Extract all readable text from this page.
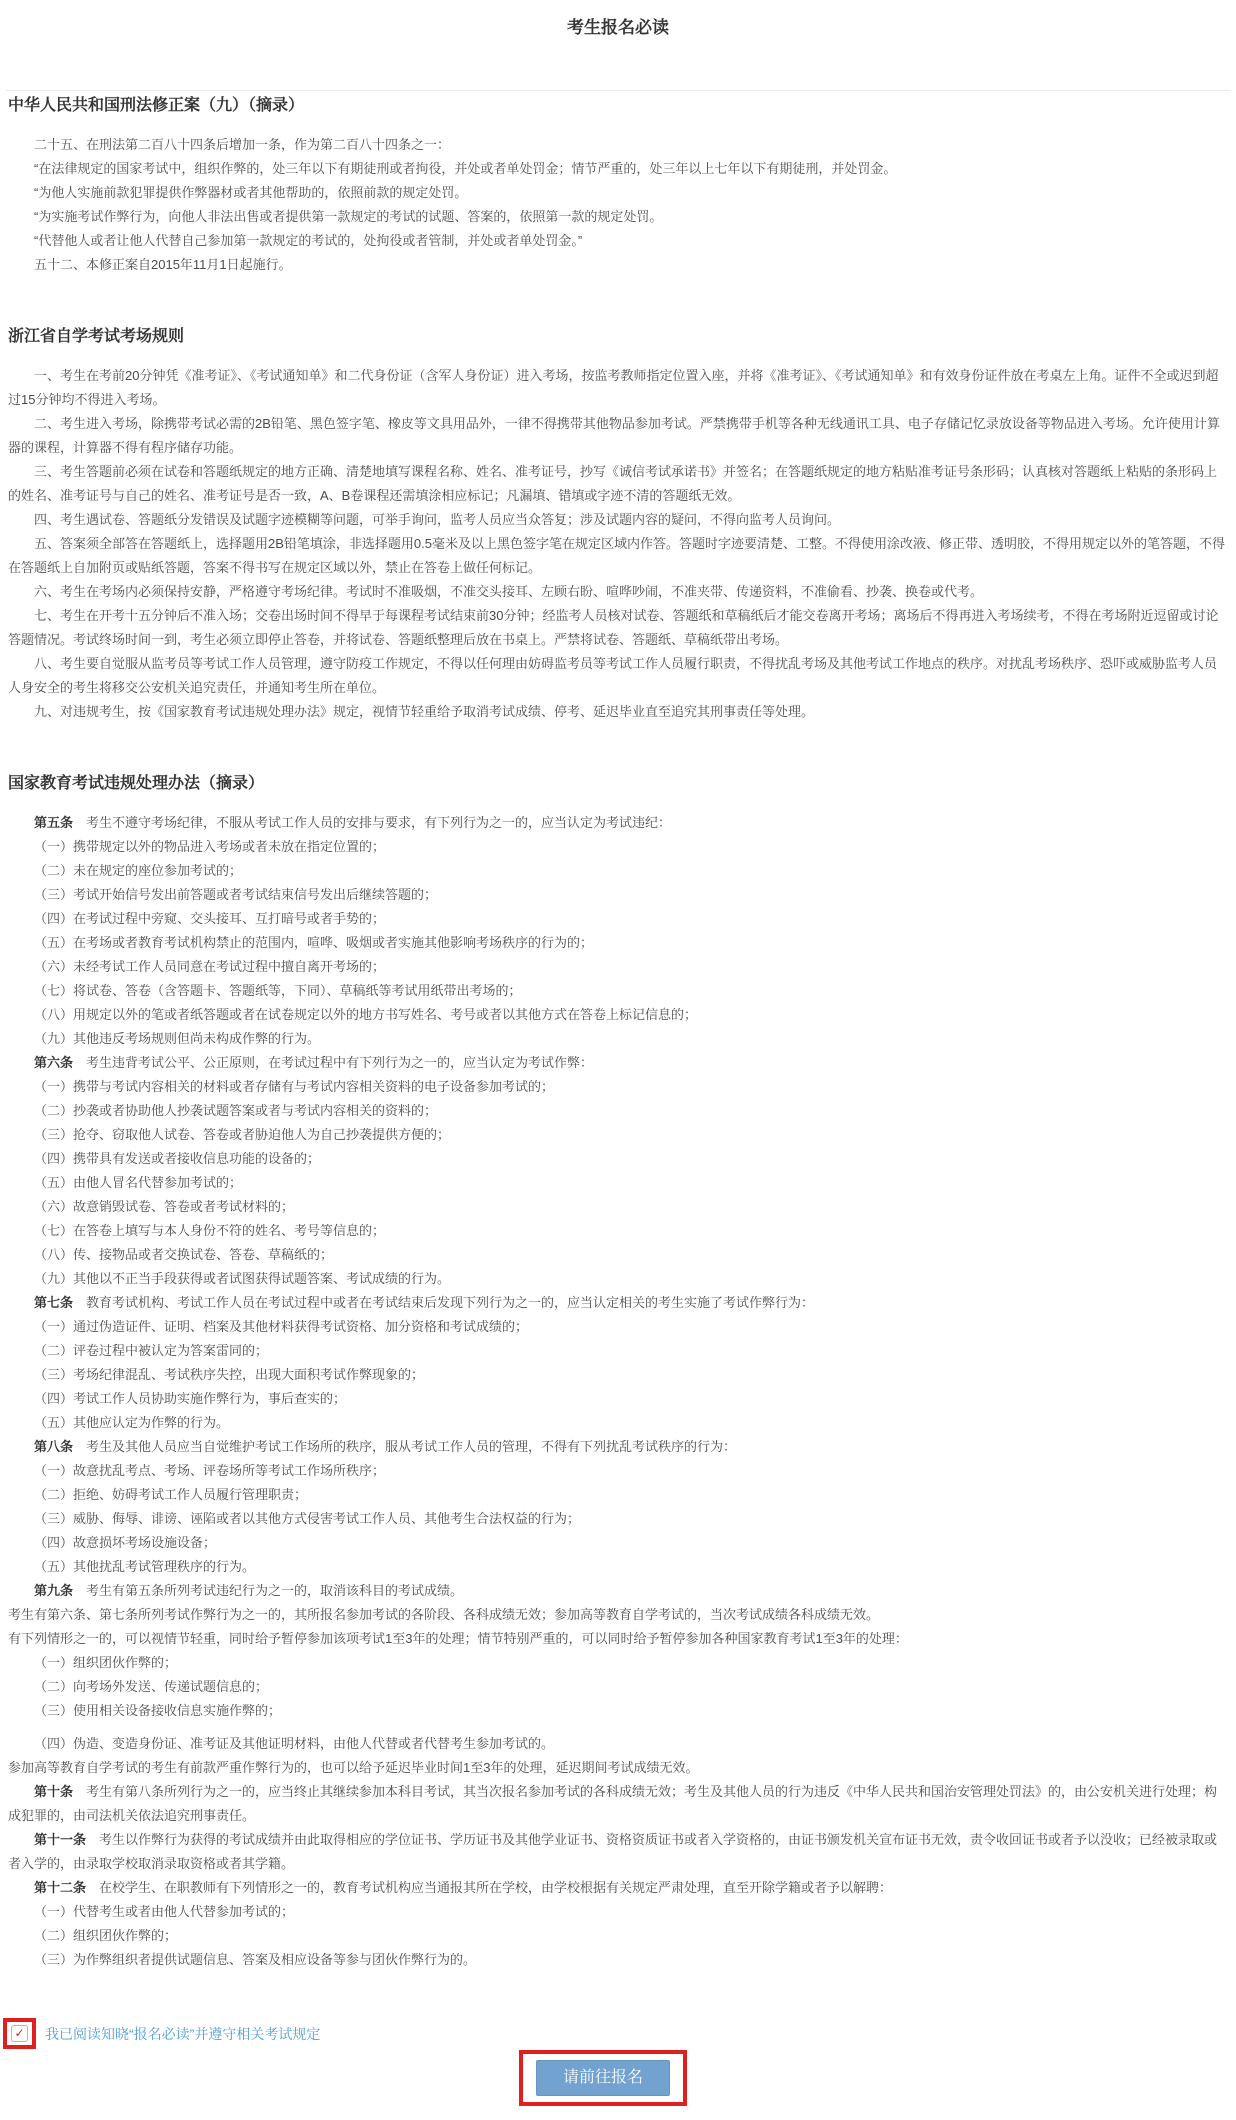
考生报名必读
中华人民共和国刑法修正案（九）（摘录）

二十五、在刑法第二百八十四条后增加一条，作为第二百八十四条之一：

“在法律规定的国家考试中，组织作弊的，处三年以下有期徒刑或者拘役，并处或者单处罚金；情节严重的，处三年以上七年以下有期徒刑，并处罚金。

“为他人实施前款犯罪提供作弊器材或者其他帮助的，依照前款的规定处罚。

“为实施考试作弊行为，向他人非法出售或者提供第一款规定的考试的试题、答案的，依照第一款的规定处罚。

“代替他人或者让他人代替自己参加第一款规定的考试的，处拘役或者管制，并处或者单处罚金。”

五十二、本修正案自2015年11月1日起施行。

浙江省自学考试考场规则

一、考生在考前20分钟凭《准考证》、《考试通知单》和二代身份证（含军人身份证）进入考场，按监考教师指定位置入座，并将《准考证》、《考试通知单》和有效身份证件放在考桌左上角。证件不全或迟到超过15分钟均不得进入考场。

二、考生进入考场，除携带考试必需的2B铅笔、黑色签字笔、橡皮等文具用品外，一律不得携带其他物品参加考试。严禁携带手机等各种无线通讯工具、电子存储记忆录放设备等物品进入考场。允许使用计算器的课程，计算器不得有程序储存功能。

三、考生答题前必须在试卷和答题纸规定的地方正确、清楚地填写课程名称、姓名、准考证号，抄写《诚信考试承诺书》并签名；在答题纸规定的地方粘贴准考证号条形码；认真核对答题纸上粘贴的条形码上的姓名、准考证号与自己的姓名、准考证号是否一致，A、B卷课程还需填涂相应标记；凡漏填、错填或字迹不清的答题纸无效。

四、考生遇试卷、答题纸分发错误及试题字迹模糊等问题，可举手询问，监考人员应当众答复；涉及试题内容的疑问，不得向监考人员询问。

五、答案须全部答在答题纸上，选择题用2B铅笔填涂，非选择题用0.5毫米及以上黑色签字笔在规定区域内作答。答题时字迹要清楚、工整。不得使用涂改液、修正带、透明胶，不得用规定以外的笔答题，不得在答题纸上自加附页或贴纸答题，答案不得书写在规定区域以外，禁止在答卷上做任何标记。

六、考生在考场内必须保持安静，严格遵守考场纪律。考试时不准吸烟，不准交头接耳、左顾右盼、喧哗吵闹，不准夹带、传递资料，不准偷看、抄袭、换卷或代考。

七、考生在开考十五分钟后不准入场；交卷出场时间不得早于每课程考试结束前30分钟；经监考人员核对试卷、答题纸和草稿纸后才能交卷离开考场；离场后不得再进入考场续考，不得在考场附近逗留或讨论答题情况。考试终场时间一到，考生必须立即停止答卷，并将试卷、答题纸整理后放在书桌上。严禁将试卷、答题纸、草稿纸带出考场。

八、考生要自觉服从监考员等考试工作人员管理，遵守防疫工作规定，不得以任何理由妨碍监考员等考试工作人员履行职责，不得扰乱考场及其他考试工作地点的秩序。对扰乱考场秩序、恐吓或威胁监考人员人身安全的考生将移交公安机关追究责任，并通知考生所在单位。

九、对违规考生，按《国家教育考试违规处理办法》规定，视情节轻重给予取消考试成绩、停考、延迟毕业直至追究其刑事责任等处理。

国家教育考试违规处理办法（摘录）

第五条　考生不遵守考场纪律，不服从考试工作人员的安排与要求，有下列行为之一的，应当认定为考试违纪：

（一）携带规定以外的物品进入考场或者未放在指定位置的；

（二）未在规定的座位参加考试的；

（三）考试开始信号发出前答题或者考试结束信号发出后继续答题的；

（四）在考试过程中旁窥、交头接耳、互打暗号或者手势的；

（五）在考场或者教育考试机构禁止的范围内，喧哗、吸烟或者实施其他影响考场秩序的行为的；

（六）未经考试工作人员同意在考试过程中擅自离开考场的；

（七）将试卷、答卷（含答题卡、答题纸等，下同）、草稿纸等考试用纸带出考场的；

（八）用规定以外的笔或者纸答题或者在试卷规定以外的地方书写姓名、考号或者以其他方式在答卷上标记信息的；

（九）其他违反考场规则但尚未构成作弊的行为。

第六条　考生违背考试公平、公正原则，在考试过程中有下列行为之一的，应当认定为考试作弊：

（一）携带与考试内容相关的材料或者存储有与考试内容相关资料的电子设备参加考试的；

（二）抄袭或者协助他人抄袭试题答案或者与考试内容相关的资料的；

（三）抢夺、窃取他人试卷、答卷或者胁迫他人为自己抄袭提供方便的；

（四）携带具有发送或者接收信息功能的设备的；

（五）由他人冒名代替参加考试的；

（六）故意销毁试卷、答卷或者考试材料的；

（七）在答卷上填写与本人身份不符的姓名、考号等信息的；

（八）传、接物品或者交换试卷、答卷、草稿纸的；

（九）其他以不正当手段获得或者试图获得试题答案、考试成绩的行为。

第七条　教育考试机构、考试工作人员在考试过程中或者在考试结束后发现下列行为之一的，应当认定相关的考生实施了考试作弊行为：

（一）通过伪造证件、证明、档案及其他材料获得考试资格、加分资格和考试成绩的；

（二）评卷过程中被认定为答案雷同的；

（三）考场纪律混乱、考试秩序失控，出现大面积考试作弊现象的；

（四）考试工作人员协助实施作弊行为，事后查实的；

（五）其他应认定为作弊的行为。

第八条　考生及其他人员应当自觉维护考试工作场所的秩序，服从考试工作人员的管理，不得有下列扰乱考试秩序的行为：

（一）故意扰乱考点、考场、评卷场所等考试工作场所秩序；

（二）拒绝、妨碍考试工作人员履行管理职责；

（三）威胁、侮辱、诽谤、诬陷或者以其他方式侵害考试工作人员、其他考生合法权益的行为；

（四）故意损坏考场设施设备；

（五）其他扰乱考试管理秩序的行为。

第九条　考生有第五条所列考试违纪行为之一的，取消该科目的考试成绩。

考生有第六条、第七条所列考试作弊行为之一的，其所报名参加考试的各阶段、各科成绩无效；参加高等教育自学考试的，当次考试成绩各科成绩无效。

有下列情形之一的，可以视情节轻重，同时给予暂停参加该项考试1至3年的处理；情节特别严重的，可以同时给予暂停参加各种国家教育考试1至3年的处理：

（一）组织团伙作弊的；

（二）向考场外发送、传递试题信息的；

（三）使用相关设备接收信息实施作弊的；

（四）伪造、变造身份证、准考证及其他证明材料，由他人代替或者代替考生参加考试的。

参加高等教育自学考试的考生有前款严重作弊行为的，也可以给予延迟毕业时间1至3年的处理，延迟期间考试成绩无效。

第十条　考生有第八条所列行为之一的，应当终止其继续参加本科目考试，其当次报名参加考试的各科成绩无效；考生及其他人员的行为违反《中华人民共和国治安管理处罚法》的，由公安机关进行处理；构成犯罪的，由司法机关依法追究刑事责任。

第十一条　考生以作弊行为获得的考试成绩并由此取得相应的学位证书、学历证书及其他学业证书、资格资质证书或者入学资格的，由证书颁发机关宣布证书无效，责令收回证书或者予以没收；已经被录取或者入学的，由录取学校取消录取资格或者其学籍。

第十二条　在校学生、在职教师有下列情形之一的，教育考试机构应当通报其所在学校，由学校根据有关规定严肃处理，直至开除学籍或者予以解聘：

（一）代替考生或者由他人代替参加考试的；

（二）组织团伙作弊的；

（三）为作弊组织者提供试题信息、答案及相应设备等参与团伙作弊行为的。

✓ 我已阅读知晓“报名必读”并遵守相关考试规定
请前往报名
